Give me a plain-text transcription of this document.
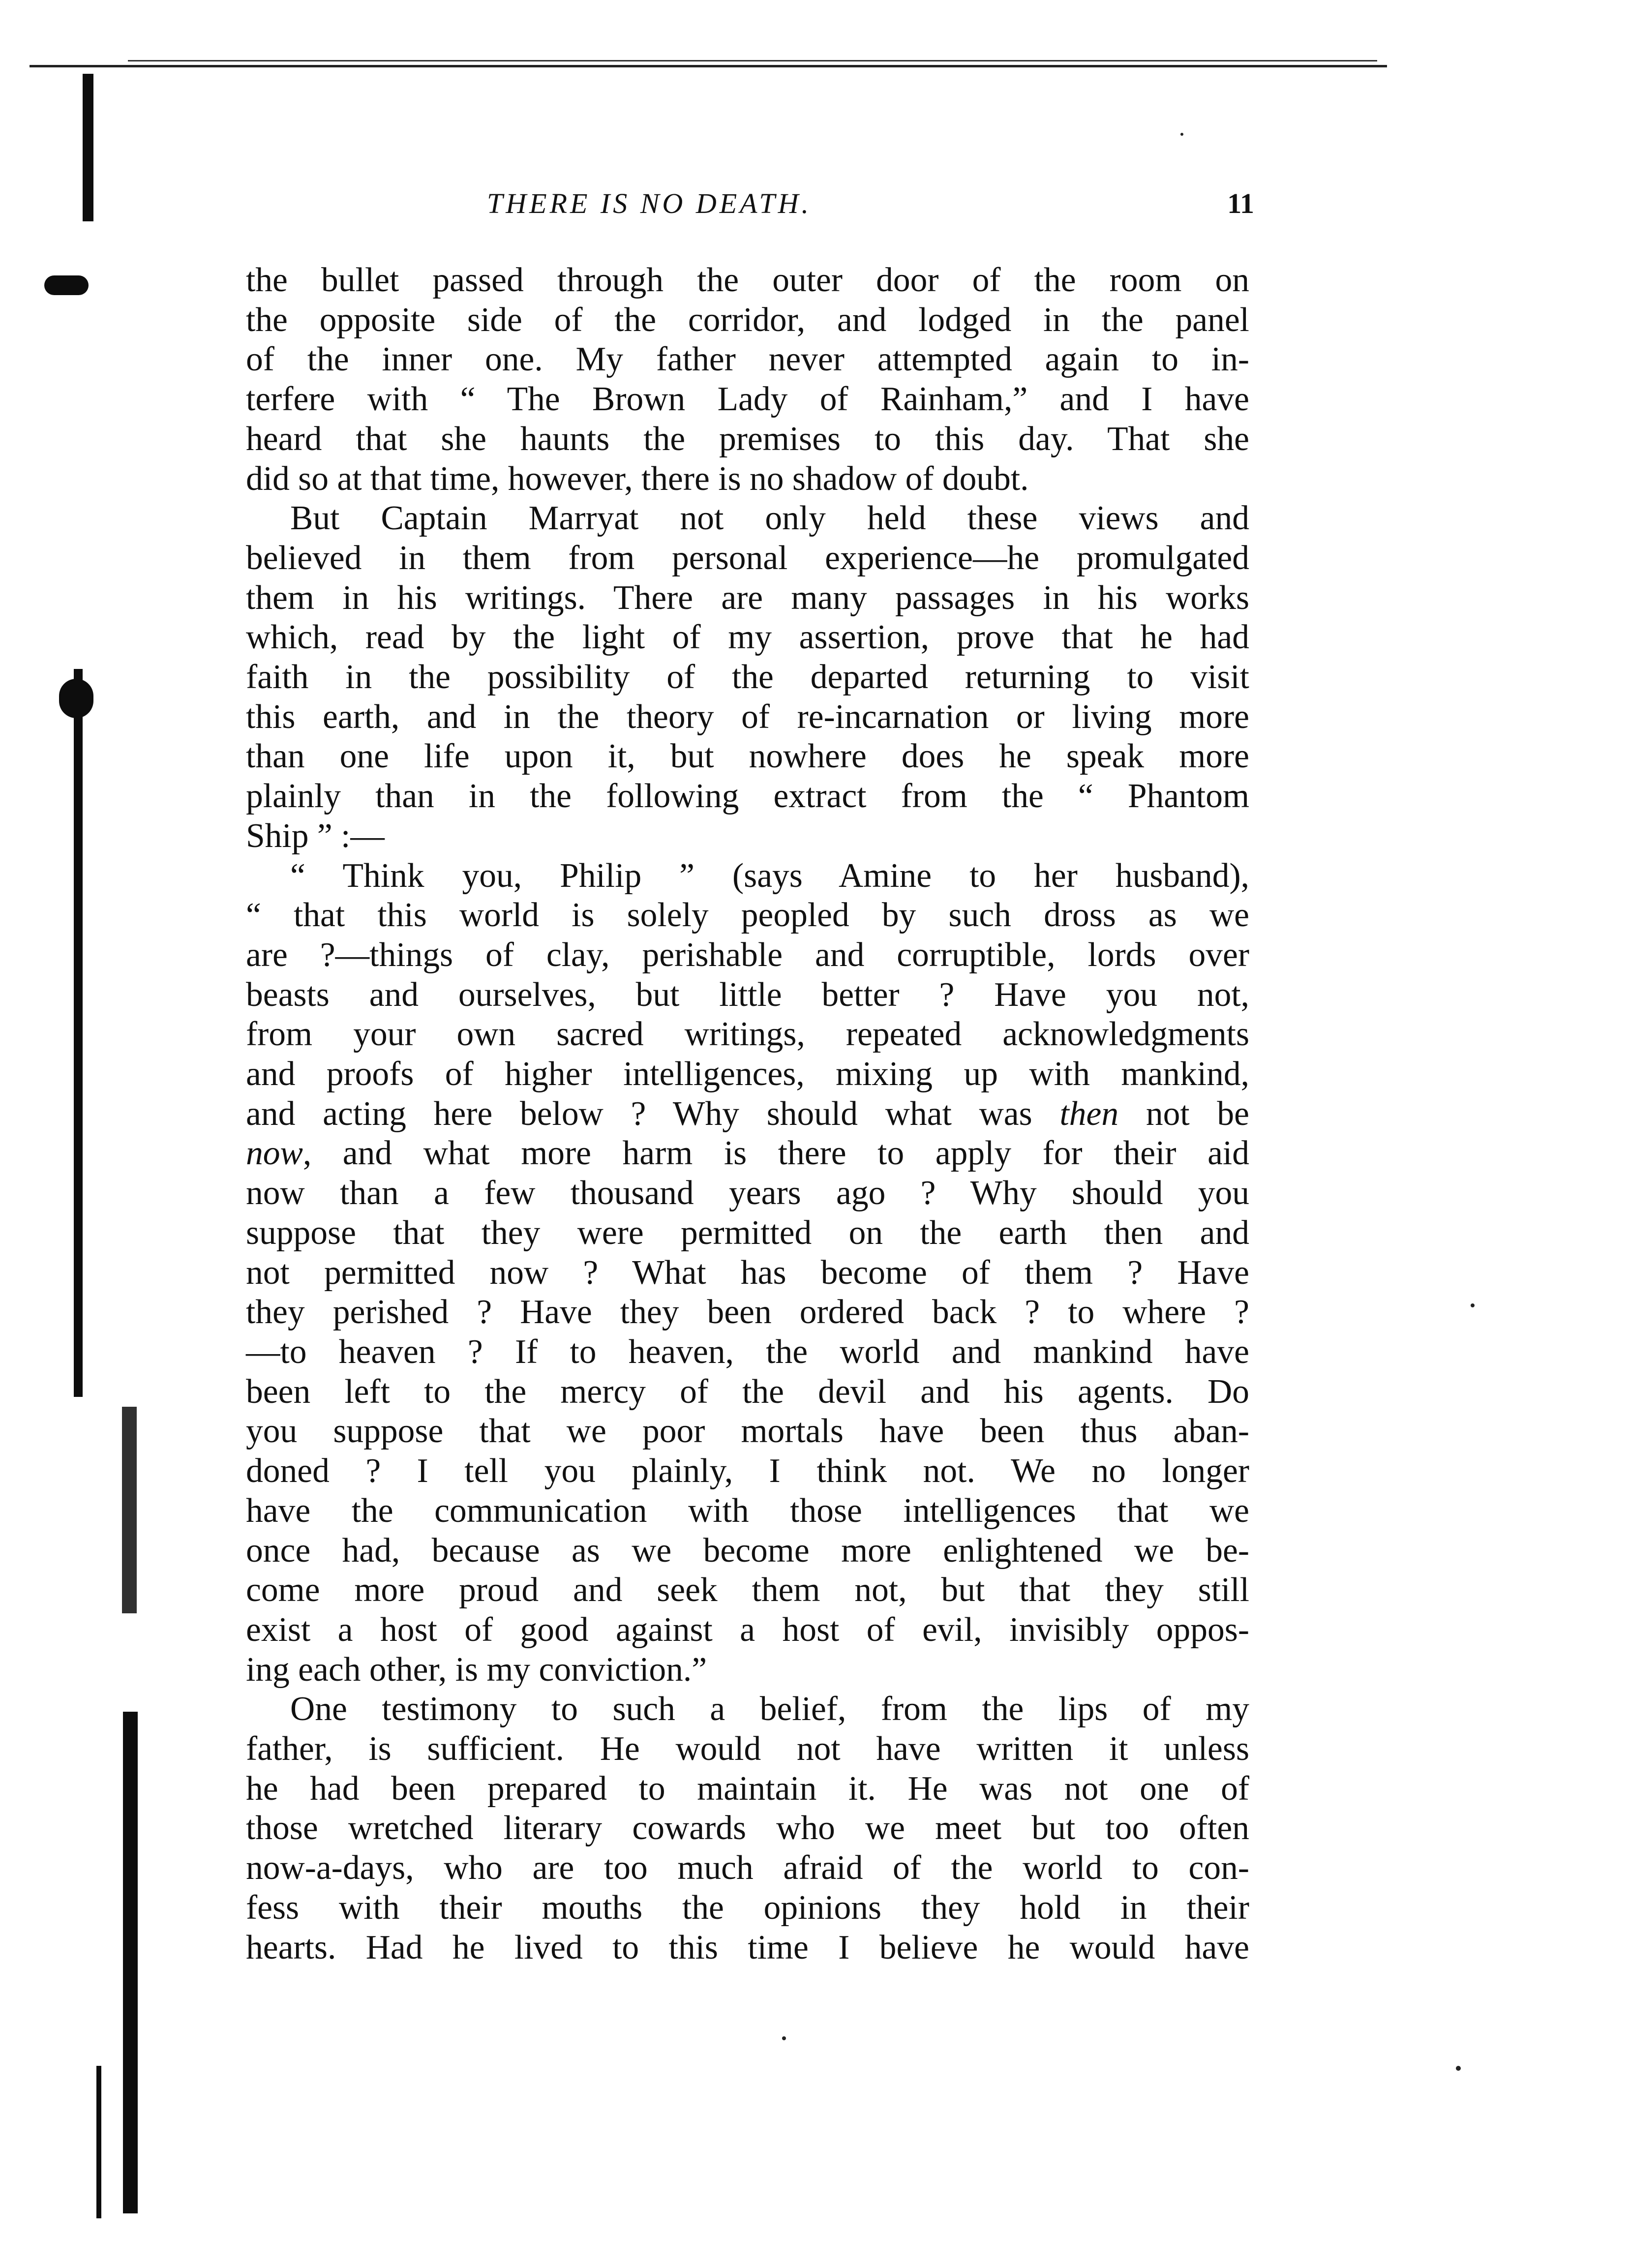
THERE IS NO DEATH.	11

the bullet passed through the outer door of the room on
the opposite side of the corridor, and lodged in the panel
of the inner one. My father never attempted again to in-
terfere with “ The Brown Lady of Rainham,” and I have
heard that she haunts the premises to this day. That she
did so at that time, however, there is no shadow of doubt.

But Captain Marryat not only held these views and
believed in them from personal experience—he promulgated
them in his writings. There are many passages in his works
which, read by the light of my assertion, prove that he had
faith in the possibility of the departed returning to visit
this earth, and in the theory of re-incarnation or living more
than one life upon it, but nowhere does he speak more
plainly than in the following extract from the “ Phantom
Ship ” :—

“ Think you, Philip ” (says Amine to her husband),
“ that this world is solely peopled by such dross as we
are ?—things of clay, perishable and corruptible, lords over
beasts and ourselves, but little better ? Have you not,
from your own sacred writings, repeated acknowledgments
and proofs of higher intelligences, mixing up with mankind,
and acting here below ? Why should what was then not be
now, and what more harm is there to apply for their aid
now than a few thousand years ago ? Why should you
suppose that they were permitted on the earth then and
not permitted now ? What has become of them ? Have
they perished ? Have they been ordered back ? to where ?
—to heaven ? If to heaven, the world and mankind have
been left to the mercy of the devil and his agents. Do
you suppose that we poor mortals have been thus aban-
doned ? I tell you plainly, I think not. We no longer
have the communication with those intelligences that we
once had, because as we become more enlightened we be-
come more proud and seek them not, but that they still
exist a host of good against a host of evil, invisibly oppos-
ing each other, is my conviction.”

One testimony to such a belief, from the lips of my
father, is sufficient. He would not have written it unless
he had been prepared to maintain it. He was not one of
those wretched literary cowards who we meet but too often
now-a-days, who are too much afraid of the world to con-
fess with their mouths the opinions they hold in their
hearts. Had he lived to this time I believe he would have
